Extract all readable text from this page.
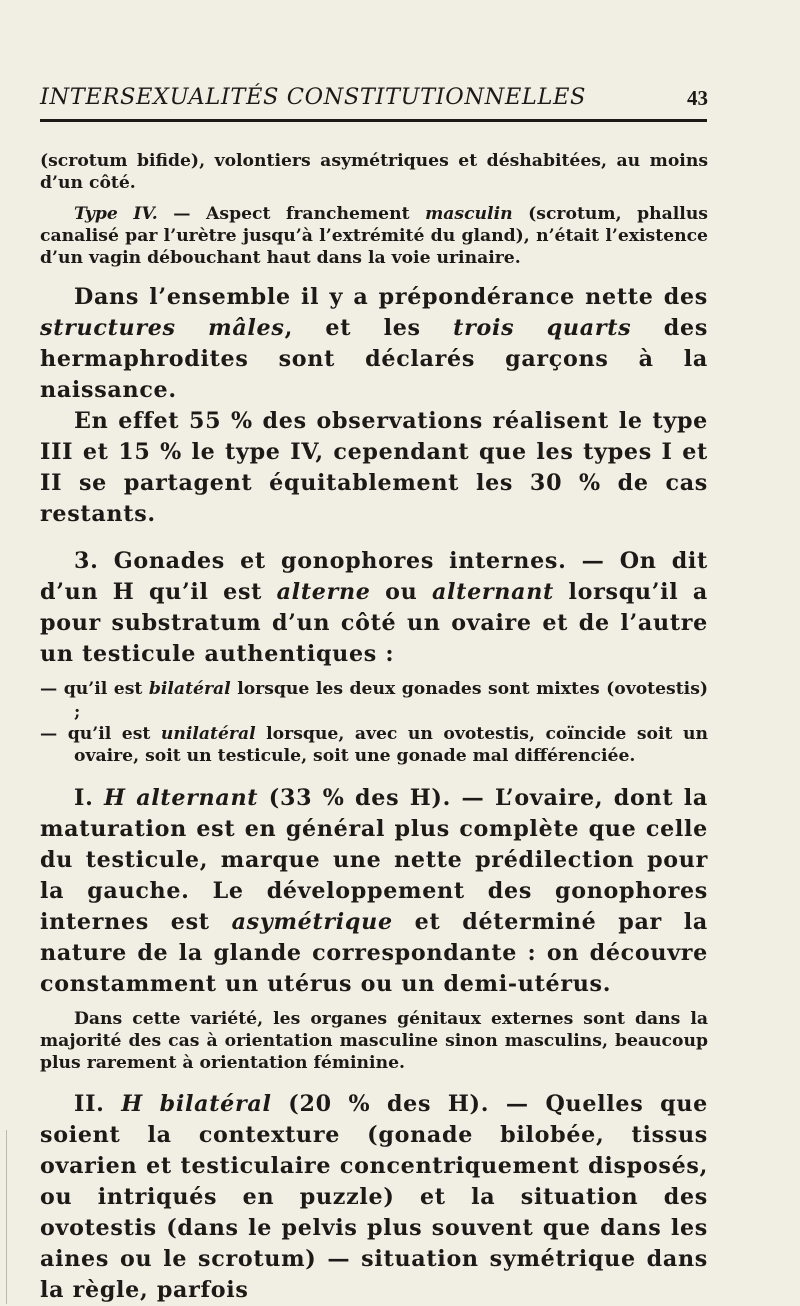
INTERSEXUALITÉS CONSTITUTIONNELLES	43

(scrotum bifide), volontiers asymétriques et déshabitées, au moins d’un côté.

Type IV. — Aspect franchement masculin (scrotum, phallus canalisé par l’urètre jusqu’à l’extrémité du gland), n’était l’existence d’un vagin débouchant haut dans la voie urinaire.

Dans l’ensemble il y a prépondérance nette des structures mâles, et les trois quarts des hermaphrodites sont déclarés garçons à la naissance.

En effet 55 % des observations réalisent le type III et 15 % le type IV, cependant que les types I et II se partagent équitablement les 30 % de cas restants.

3. Gonades et gonophores internes. — On dit d’un H qu’il est alterne ou alternant lorsqu’il a pour substratum d’un côté un ovaire et de l’autre un testicule authentiques :

— qu’il est bilatéral lorsque les deux gonades sont mixtes (ovotestis) ;

— qu’il est unilatéral lorsque, avec un ovotestis, coïncide soit un ovaire, soit un testicule, soit une gonade mal différenciée.

I. H alternant (33 % des H). — L’ovaire, dont la maturation est en général plus complète que celle du testicule, marque une nette prédilection pour la gauche. Le développement des gonophores internes est asymétrique et déterminé par la nature de la glande correspondante : on découvre constamment un utérus ou un demi-utérus.

Dans cette variété, les organes génitaux externes sont dans la majorité des cas à orientation masculine sinon masculins, beaucoup plus rarement à orientation féminine.

II. H bilatéral (20 % des H). — Quelles que soient la contexture (gonade bilobée, tissus ovarien et testiculaire concentriquement disposés, ou intriqués en puzzle) et la situation des ovotestis (dans le pelvis plus souvent que dans les aines ou le scrotum) — situation symétrique dans la règle, parfois
